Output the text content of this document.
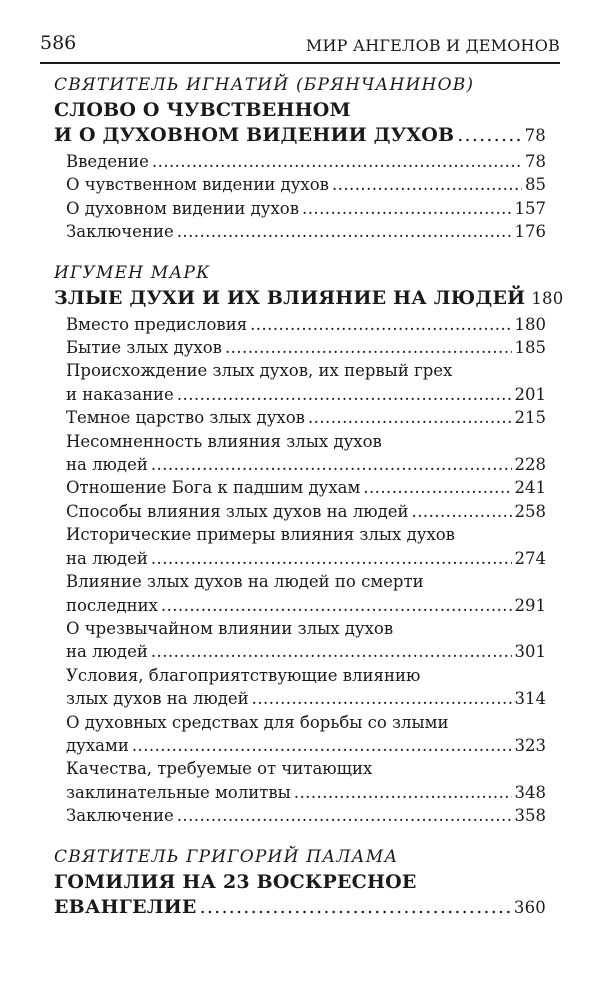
586	МИР АНГЕЛОВ И ДЕМОНОВ
СВЯТИТЕЛЬ ИГНАТИЙ (БРЯНЧАНИНОВ)
СЛОВО О ЧУВСТВЕННОМ
И О ДУХОВНОМ ВИДЕНИИ ДУХОВ . . .	78
Введение . . .	78
О чувственном видении духов . . .	85
О духовном видении духов . . .	157
Заключение . . .	176
ИГУМЕН МАРК
ЗЛЫЕ ДУХИ И ИХ ВЛИЯНИЕ НА ЛЮДЕЙ 180
Вместо предисловия . . .	180
Бытие злых духов . . .	185
Происхождение злых духов, их первый грех
и наказание . . .	201
Темное царство злых духов . . .	215
Несомненность влияния злых духов
на людей . . .	228
Отношение Бога к падшим духам . . .	241
Способы влияния злых духов на людей . . .	258
Исторические примеры влияния злых духов
на людей . . .	274
Влияние злых духов на людей по смерти
последних . . .	291
О чрезвычайном влиянии злых духов
на людей . . .	301
Условия, благоприятствующие влиянию
злых духов на людей . . .	314
О духовных средствах для борьбы со злыми
духами . . .	323
Качества, требуемые от читающих
заклинательные молитвы . . .	348
Заключение . . .	358
СВЯТИТЕЛЬ ГРИГОРИЙ ПАЛАМА
ГОМИЛИЯ НА 23 ВОСКРЕСНОЕ
ЕВАНГЕЛИЕ . . .	360
